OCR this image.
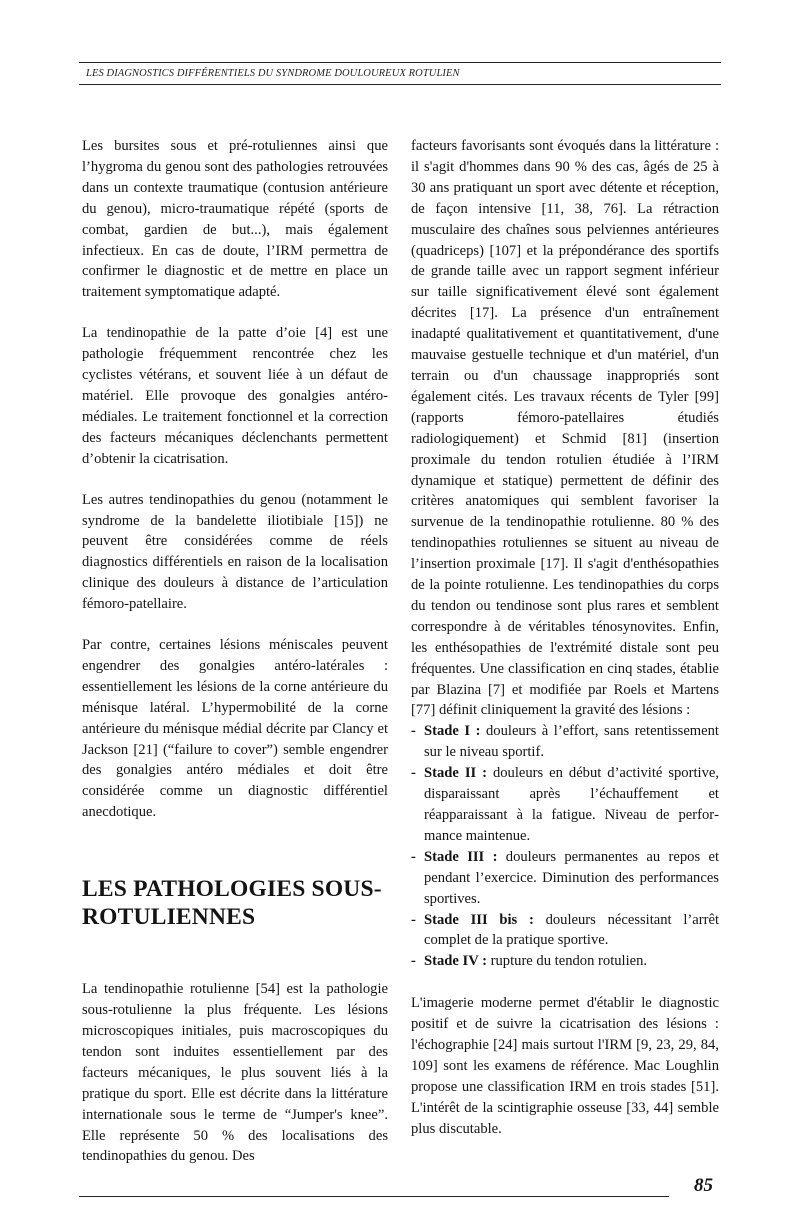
LES DIAGNOSTICS DIFFÉRENTIELS DU SYNDROME DOULOUREUX ROTULIEN

Les bursites sous et pré-rotuliennes ainsi que l’hygroma du genou sont des pathologies retrouvées dans un contexte traumatique (contusion antérieure du genou), micro-traumatique répété (sports de combat, gardien de but...), mais également infectieux. En cas de doute, l’IRM permettra de confirmer le diagnostic et de mettre en place un traitement symptomatique adapté.

La tendinopathie de la patte d’oie [4] est une pathologie fréquemment rencontrée chez les cyclistes vétérans, et souvent liée à un défaut de matériel. Elle provoque des gonalgies antéro-médiales. Le traitement fonctionnel et la correction des facteurs mécaniques déclenchants permettent d’obtenir la cicatrisation.

Les autres tendinopathies du genou (notamment le syndrome de la bandelette iliotibiale [15]) ne peuvent être considérées comme de réels diagnostics différentiels en raison de la localisation clinique des douleurs à distance de l’articulation fémoro-patellaire.

Par contre, certaines lésions méniscales peuvent engendrer des gonalgies antéro-latérales : essentiellement les lésions de la corne antérieure du ménisque latéral. L’hypermobilité de la corne antérieure du ménisque médial décrite par Clancy et Jackson [21] (“failure to cover”) semble engendrer des gonalgies antéro médiales et doit être considérée comme un diagnostic différentiel anecdotique.

LES PATHOLOGIES SOUS-ROTULIENNES

La tendinopathie rotulienne [54] est la pathologie sous-rotulienne la plus fréquente. Les lésions microscopiques initiales, puis macroscopiques du tendon sont induites essentiellement par des facteurs mécaniques, le plus souvent liés à la pratique du sport. Elle est décrite dans la littérature internationale sous le terme de “Jumper's knee”. Elle représente 50 % des localisations des tendinopathies du genou. Des

facteurs favorisants sont évoqués dans la littérature : il s'agit d'hommes dans 90 % des cas, âgés de 25 à 30 ans pratiquant un sport avec détente et réception, de façon intensive [11, 38, 76]. La rétraction musculaire des chaînes sous pelviennes antérieures (quadriceps) [107] et la prépondérance des sportifs de grande taille avec un rapport segment inférieur sur taille significativement élevé sont également décrites [17]. La présence d'un entraînement inadapté qualitativement et quantitativement, d'une mauvaise gestuelle technique et d'un matériel, d'un terrain ou d'un chaussage inappropriés sont également cités. Les travaux récents de Tyler [99] (rapports fémoro-patellaires étudiés radiologiquement) et Schmid [81] (insertion proximale du tendon rotulien étudiée à l’IRM dynamique et statique) permettent de définir des critères anatomiques qui semblent favoriser la survenue de la tendinopathie rotulienne. 80 % des tendinopathies rotuliennes se situent au niveau de l’insertion proximale [17]. Il s'agit d'enthésopathies de la pointe rotulienne. Les tendinopathies du corps du tendon ou tendinose sont plus rares et semblent correspondre à de véritables ténosynovites. Enfin, les enthésopathies de l'extrémité distale sont peu fréquentes. Une classification en cinq stades, établie par Blazina [7] et modifiée par Roels et Martens [77] définit cliniquement la gravité des lésions :

- Stade I : douleurs à l’effort, sans retentissement sur le niveau sportif.
- Stade II : douleurs en début d’activité sportive, disparaissant après l’échauffement et réapparaissant à la fatigue. Niveau de performance maintenue.
- Stade III : douleurs permanentes au repos et pendant l’exercice. Diminution des performances sportives.
- Stade III bis : douleurs nécessitant l’arrêt complet de la pratique sportive.
- Stade IV : rupture du tendon rotulien.

L'imagerie moderne permet d'établir le diagnostic positif et de suivre la cicatrisation des lésions : l'échographie [24] mais surtout l'IRM [9, 23, 29, 84, 109] sont les examens de référence. Mac Loughlin propose une classification IRM en trois stades [51]. L'intérêt de la scintigraphie osseuse [33, 44] semble plus discutable.

85
